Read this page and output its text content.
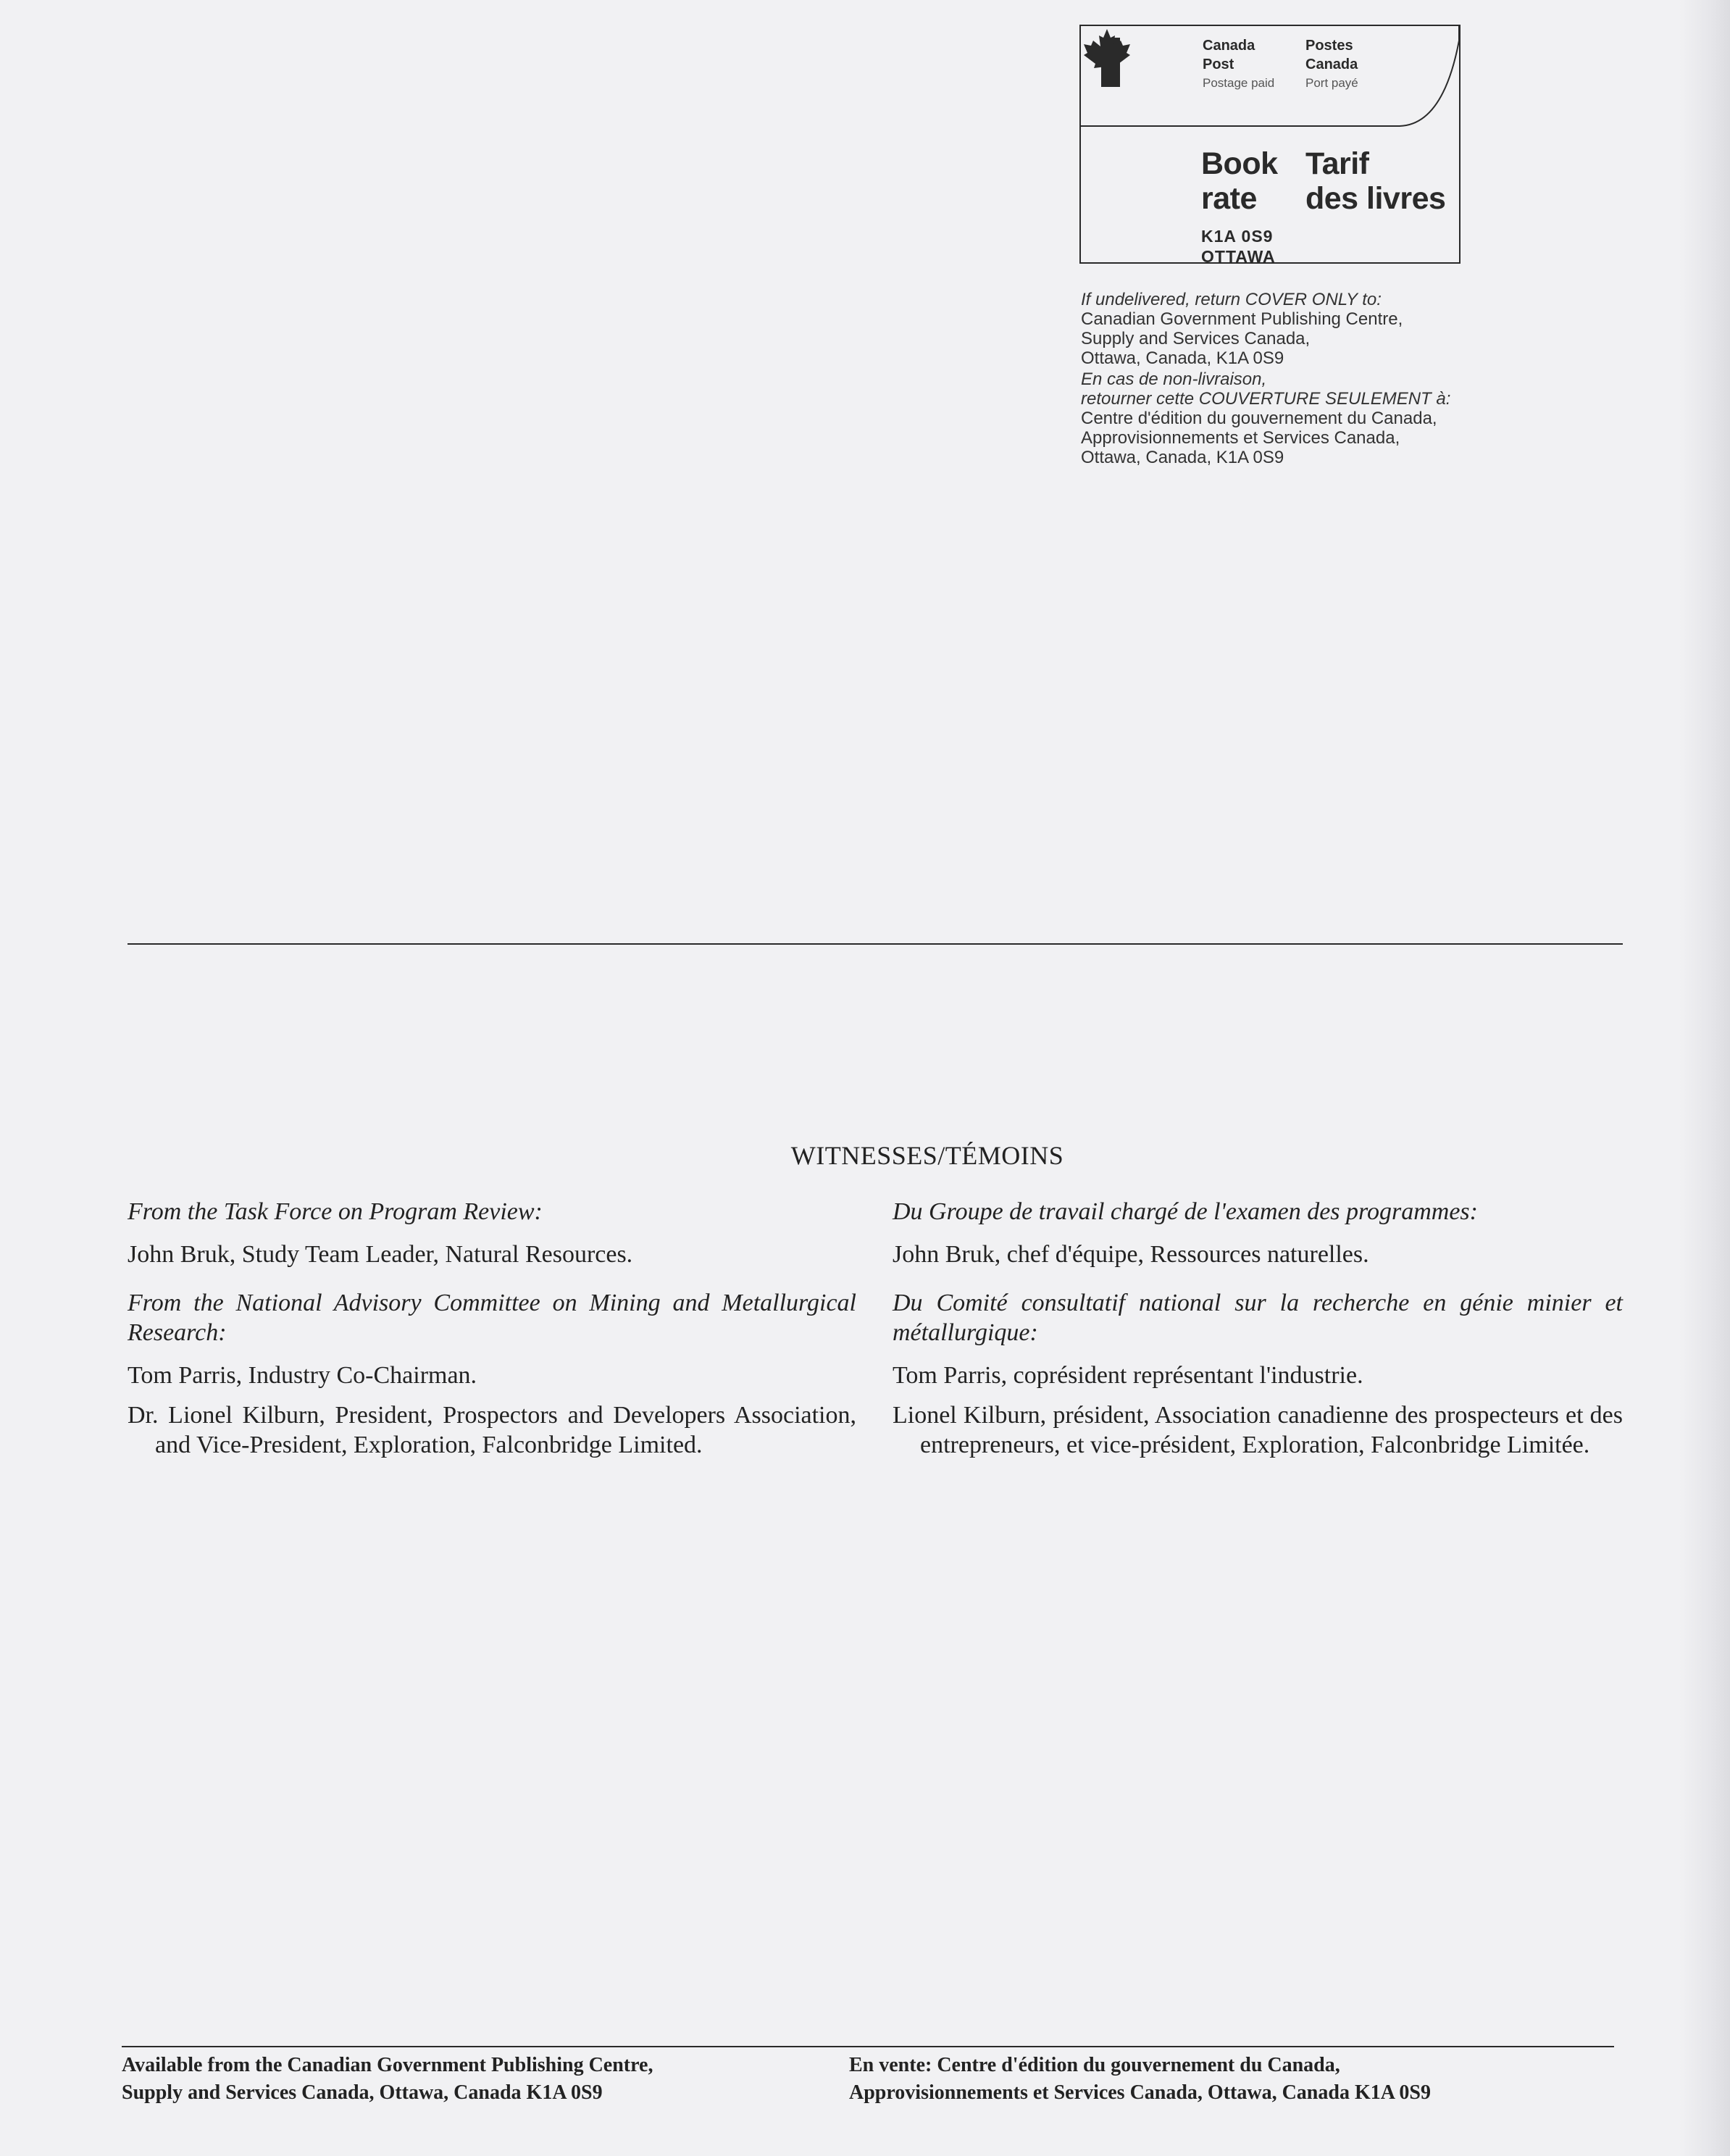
Canada
Post
Postage paid
Postes
Canada
Port payé
Book
rate
Tarif
des livres
K1A 0S9
OTTAWA
If undelivered, return COVER ONLY to:
Canadian Government Publishing Centre,
Supply and Services Canada,
Ottawa, Canada, K1A 0S9
En cas de non-livraison,
retourner cette COUVERTURE SEULEMENT à:
Centre d'édition du gouvernement du Canada,
Approvisionnements et Services Canada,
Ottawa, Canada, K1A 0S9
WITNESSES/TÉMOINS
From the Task Force on Program Review:
John Bruk, Study Team Leader, Natural Resources.
From the National Advisory Committee on Mining and Metallurgical Research:
Tom Parris, Industry Co-Chairman.
Dr. Lionel Kilburn, President, Prospectors and Developers Association, and Vice-President, Exploration, Falconbridge Limited.
Du Groupe de travail chargé de l'examen des programmes:
John Bruk, chef d'équipe, Ressources naturelles.
Du Comité consultatif national sur la recherche en génie minier et métallurgique:
Tom Parris, coprésident représentant l'industrie.
Lionel Kilburn, président, Association canadienne des prospecteurs et des entrepreneurs, et vice-président, Exploration, Falconbridge Limitée.
Available from the Canadian Government Publishing Centre,
Supply and Services Canada, Ottawa, Canada K1A 0S9
En vente: Centre d'édition du gouvernement du Canada,
Approvisionnements et Services Canada, Ottawa, Canada K1A 0S9
